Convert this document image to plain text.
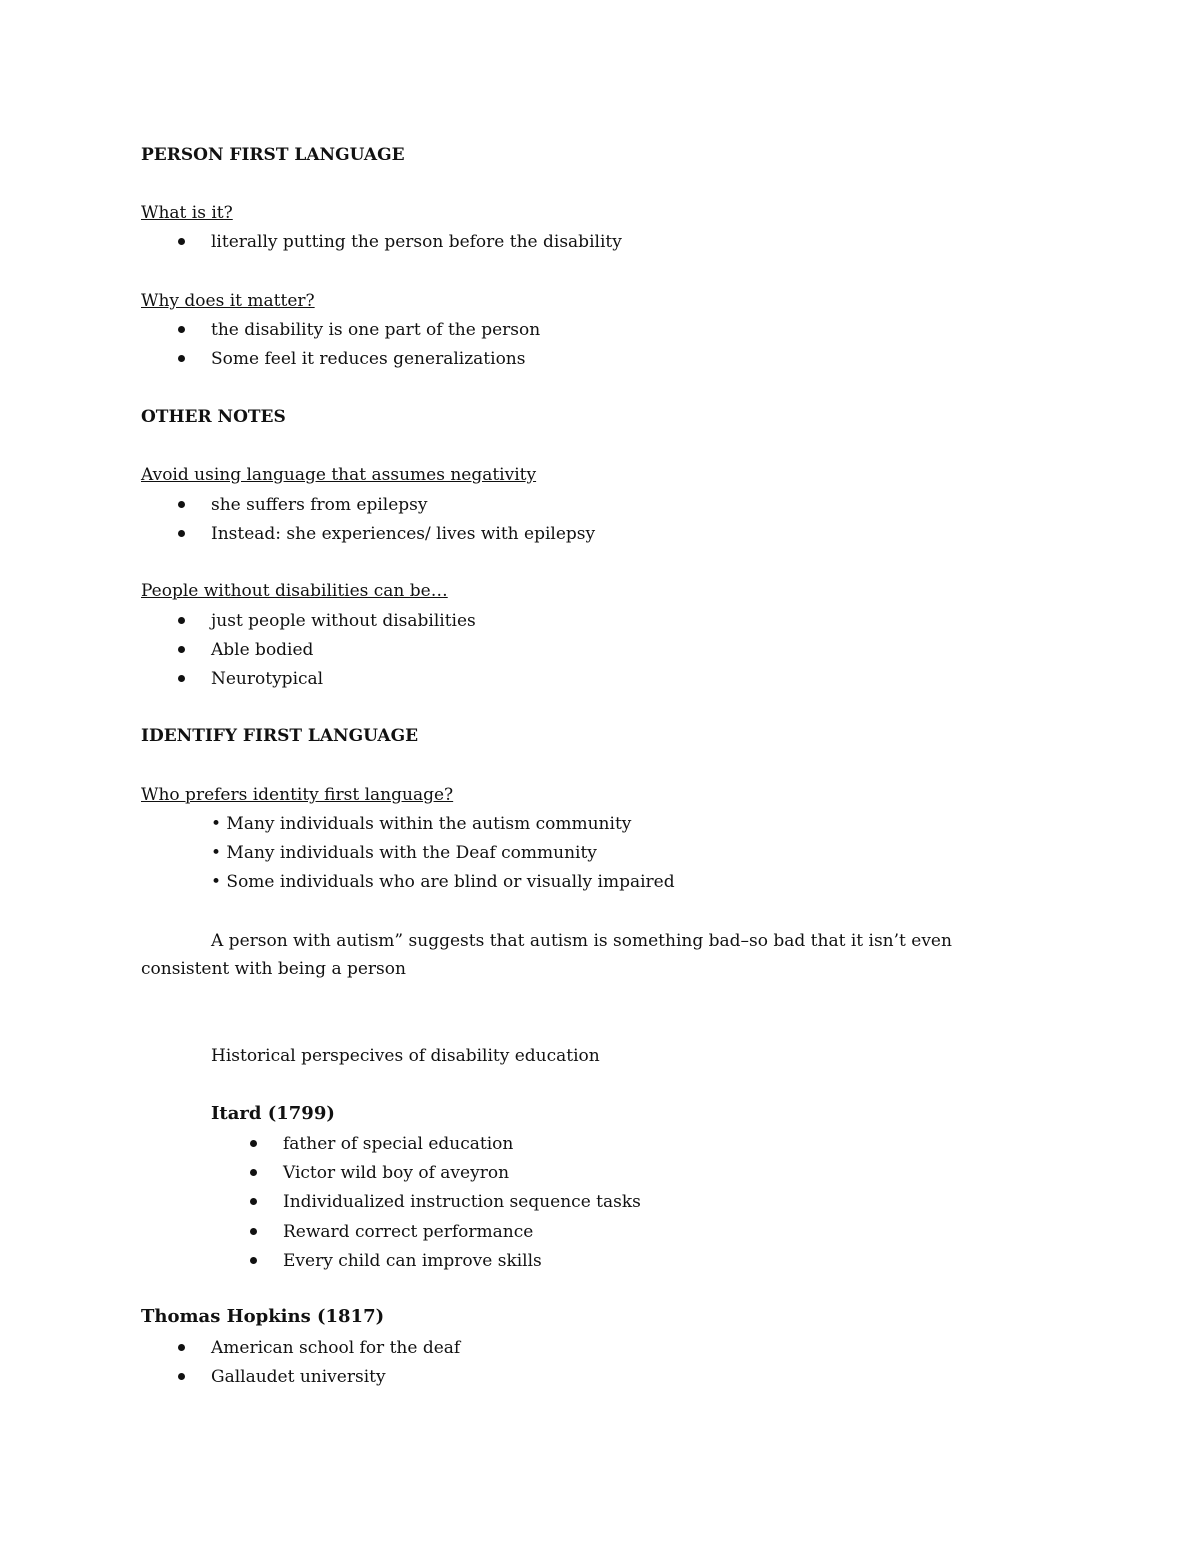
PERSON FIRST LANGUAGE
What is it?
literally putting the person before the disability
Why does it matter?
the disability is one part of the person
Some feel it reduces generalizations
OTHER NOTES
Avoid using language that assumes negativity
she suffers from epilepsy
Instead: she experiences/ lives with epilepsy
People without disabilities can be…
just people without disabilities
Able bodied
Neurotypical
IDENTIFY FIRST LANGUAGE
Who prefers identity first language?
• Many individuals within the autism community
• Many individuals with the Deaf community
• Some individuals who are blind or visually impaired
A person with autism” suggests that autism is something bad–so bad that it isn’t even
consistent with being a person
Historical perspecives of disability education
Itard (1799)
father of special education
Victor wild boy of aveyron
Individualized instruction sequence tasks
Reward correct performance
Every child can improve skills
Thomas Hopkins (1817)
American school for the deaf
Gallaudet university
